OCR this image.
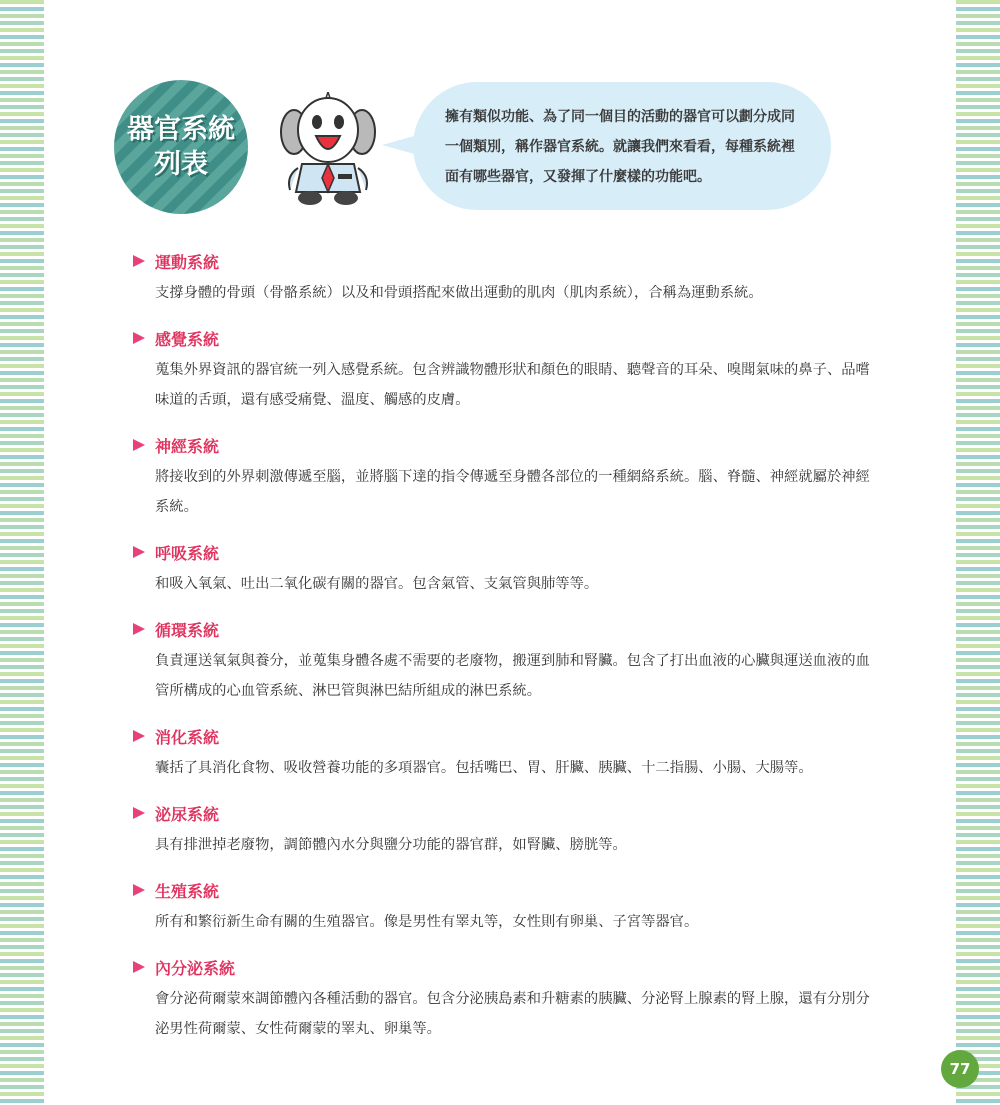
器官系統
列表

擁有類似功能、為了同一個目的活動的器官可以劃分成同一個類別，稱作器官系統。就讓我們來看看，每種系統裡面有哪些器官，又發揮了什麼樣的功能吧。

運動系統
支撐身體的骨頭（骨骼系統）以及和骨頭搭配來做出運動的肌肉（肌肉系統），合稱為運動系統。
感覺系統
蒐集外界資訊的器官統一列入感覺系統。包含辨識物體形狀和顏色的眼睛、聽聲音的耳朵、嗅聞氣味的鼻子、品嚐味道的舌頭，還有感受痛覺、溫度、觸感的皮膚。
神經系統
將接收到的外界刺激傳遞至腦，並將腦下達的指令傳遞至身體各部位的一種網絡系統。腦、脊髓、神經就屬於神經系統。
呼吸系統
和吸入氧氣、吐出二氧化碳有關的器官。包含氣管、支氣管與肺等等。
循環系統
負責運送氧氣與養分，並蒐集身體各處不需要的老廢物，搬運到肺和腎臟。包含了打出血液的心臟與運送血液的血管所構成的心血管系統、淋巴管與淋巴結所組成的淋巴系統。
消化系統
囊括了具消化食物、吸收營養功能的多項器官。包括嘴巴、胃、肝臟、胰臟、十二指腸、小腸、大腸等。
泌尿系統
具有排泄掉老廢物，調節體內水分與鹽分功能的器官群，如腎臟、膀胱等。
生殖系統
所有和繁衍新生命有關的生殖器官。像是男性有睪丸等，女性則有卵巢、子宮等器官。
內分泌系統
會分泌荷爾蒙來調節體內各種活動的器官。包含分泌胰島素和升糖素的胰臟、分泌腎上腺素的腎上腺，還有分別分泌男性荷爾蒙、女性荷爾蒙的睪丸、卵巢等。
77
